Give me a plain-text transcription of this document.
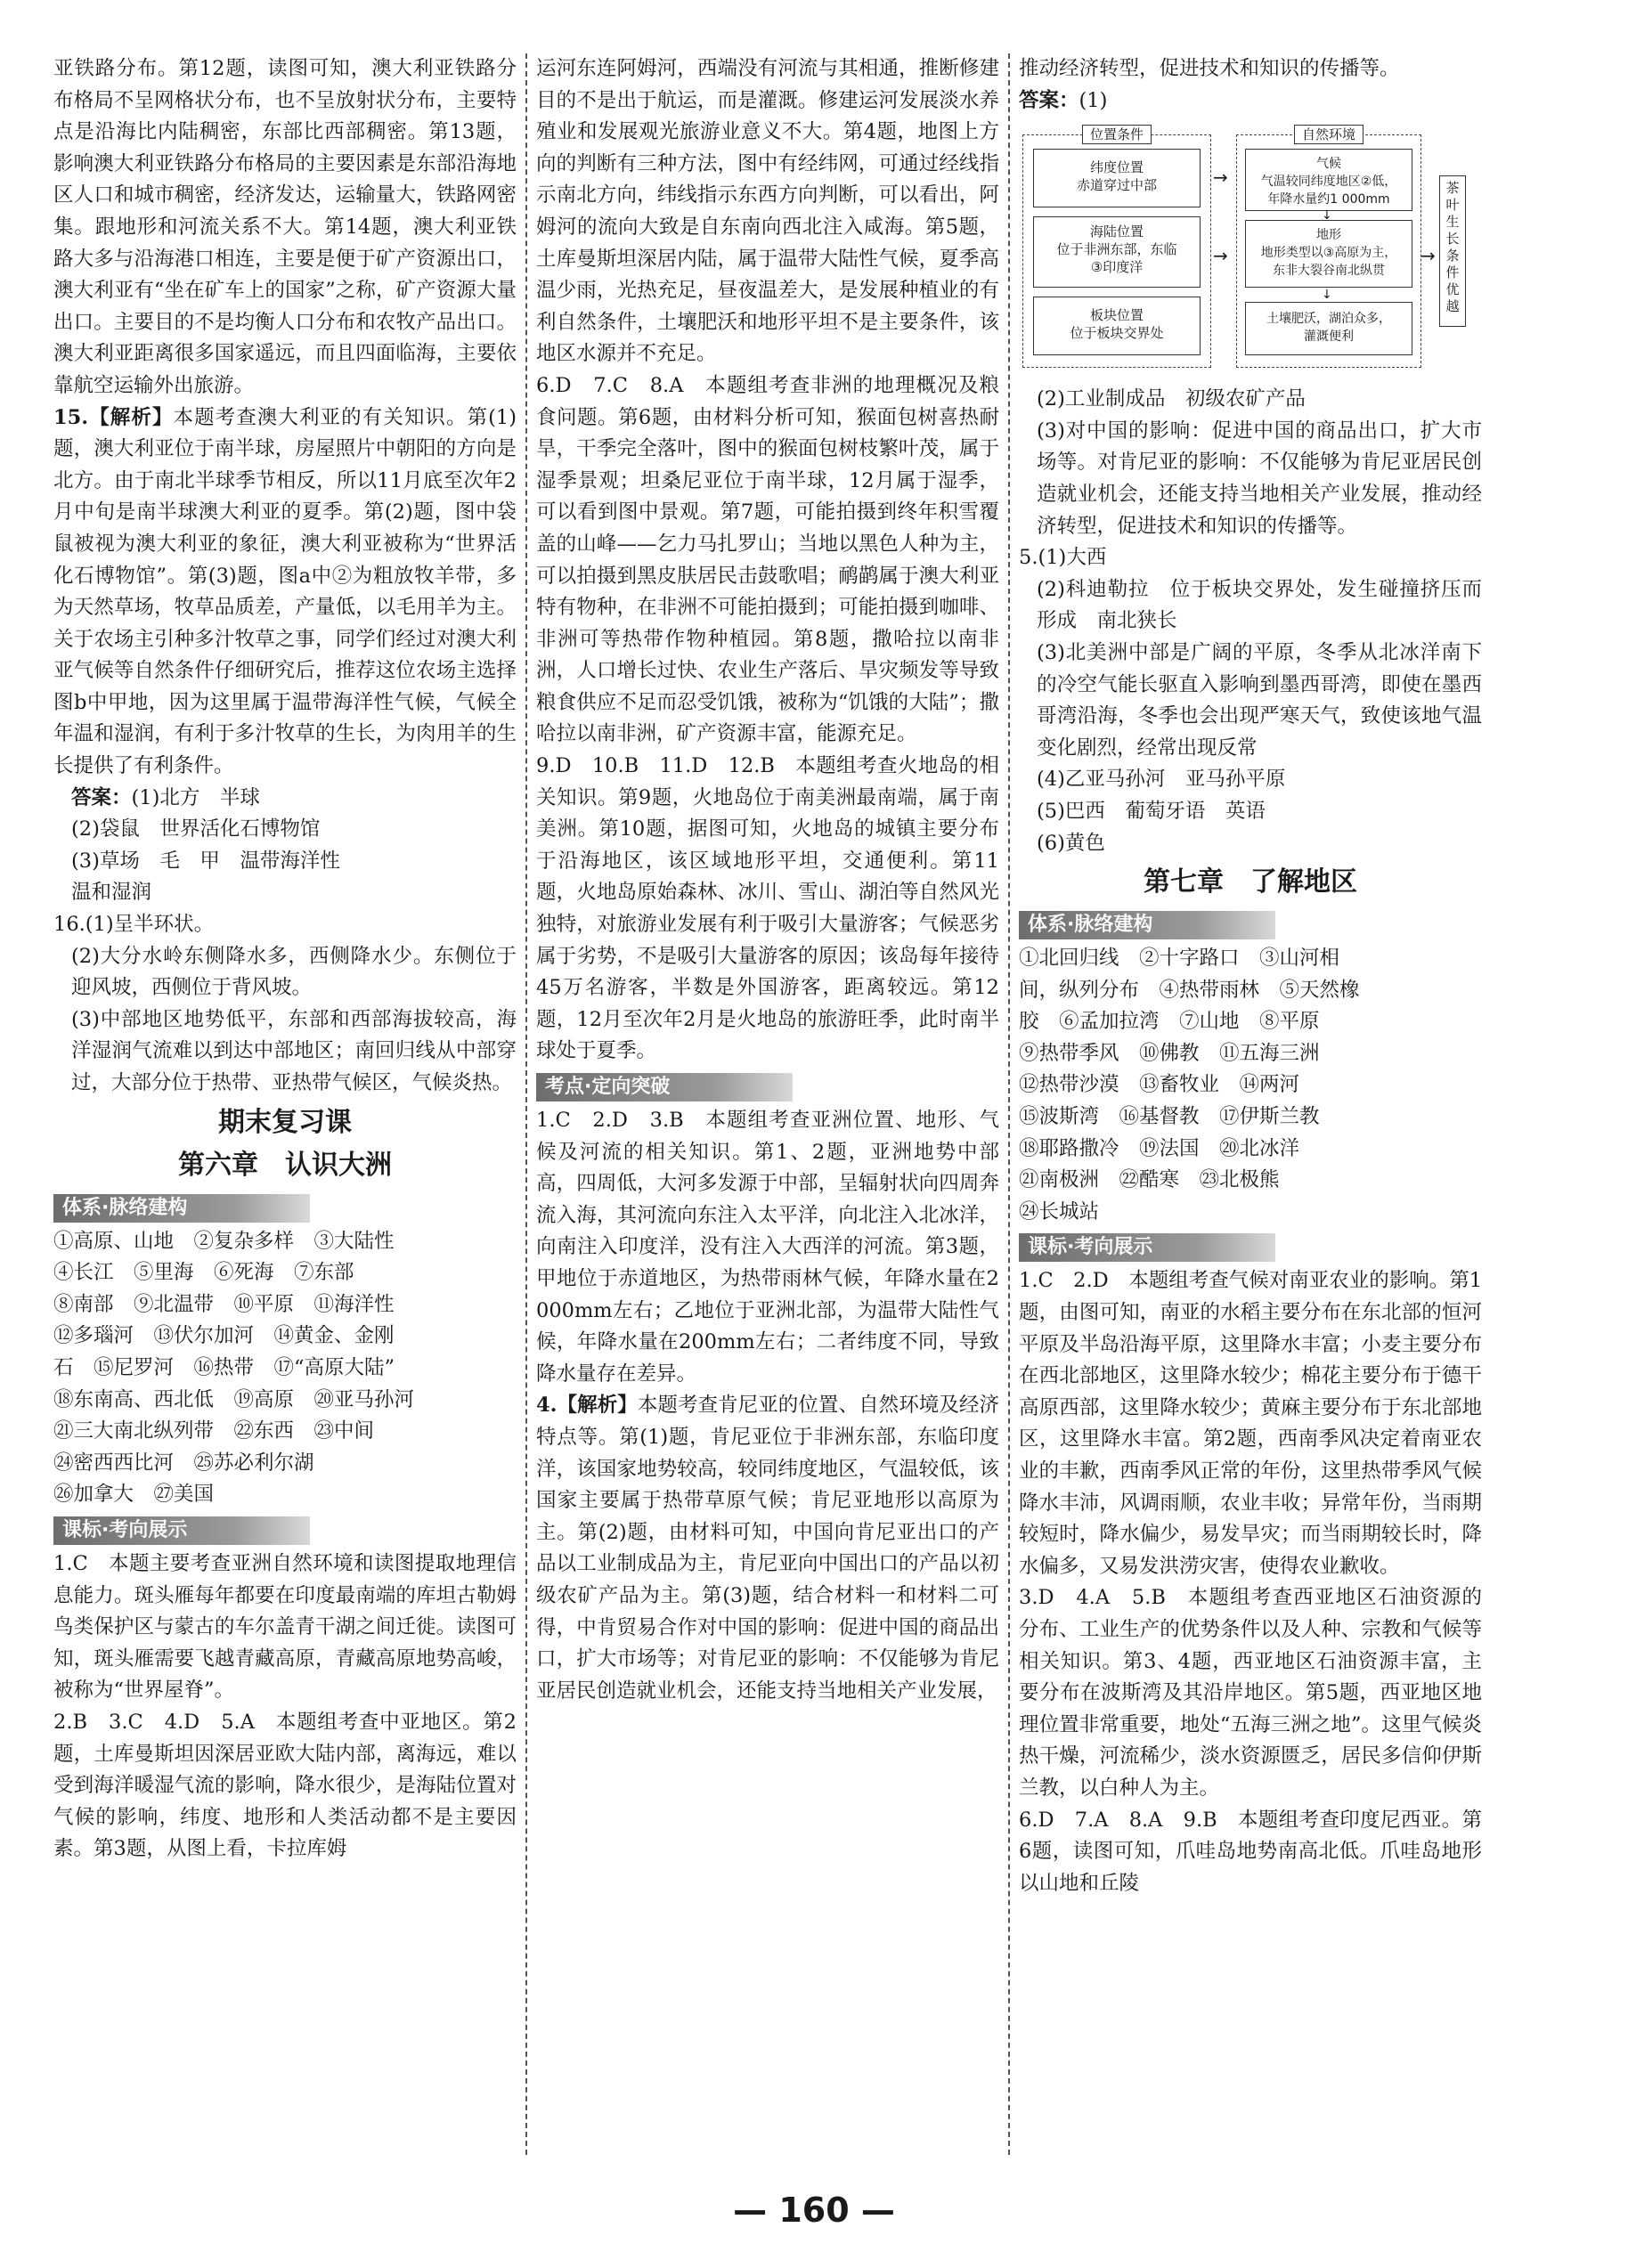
亚铁路分布。第12题，读图可知，澳大利亚铁路分布格局不呈网格状分布，也不呈放射状分布，主要特点是沿海比内陆稠密，东部比西部稠密。第13题，影响澳大利亚铁路分布格局的主要因素是东部沿海地区人口和城市稠密，经济发达，运输量大，铁路网密集。跟地形和河流关系不大。第14题，澳大利亚铁路大多与沿海港口相连，主要是便于矿产资源出口，澳大利亚有“坐在矿车上的国家”之称，矿产资源大量出口。主要目的不是均衡人口分布和农牧产品出口。澳大利亚距离很多国家遥远，而且四面临海，主要依靠航空运输外出旅游。

15.【解析】本题考查澳大利亚的有关知识。第(1)题，澳大利亚位于南半球，房屋照片中朝阳的方向是北方。由于南北半球季节相反，所以11月底至次年2月中旬是南半球澳大利亚的夏季。第(2)题，图中袋鼠被视为澳大利亚的象征，澳大利亚被称为“世界活化石博物馆”。第(3)题，图a中②为粗放牧羊带，多为天然草场，牧草品质差，产量低，以毛用羊为主。关于农场主引种多汁牧草之事，同学们经过对澳大利亚气候等自然条件仔细研究后，推荐这位农场主选择图b中甲地，因为这里属于温带海洋性气候，气候全年温和湿润，有利于多汁牧草的生长，为肉用羊的生长提供了有利条件。

答案：(1)北方　半球

(2)袋鼠　世界活化石博物馆

(3)草场　毛　甲　温带海洋性

温和湿润

16.(1)呈半环状。

(2)大分水岭东侧降水多，西侧降水少。东侧位于迎风坡，西侧位于背风坡。

(3)中部地区地势低平，东部和西部海拔较高，海洋湿润气流难以到达中部地区；南回归线从中部穿过，大部分位于热带、亚热带气候区，气候炎热。

期末复习课
第六章　认识大洲
体系·脉络建构

①高原、山地　②复杂多样　③大陆性

④长江　⑤里海　⑥死海　⑦东部

⑧南部　⑨北温带　⑩平原　⑪海洋性

⑫多瑙河　⑬伏尔加河　⑭黄金、金刚

石　⑮尼罗河　⑯热带　⑰“高原大陆”

⑱东南高、西北低　⑲高原　⑳亚马孙河

㉑三大南北纵列带　㉒东西　㉓中间

㉔密西西比河　㉕苏必利尔湖

㉖加拿大　㉗美国

课标·考向展示

1.C　本题主要考查亚洲自然环境和读图提取地理信息能力。斑头雁每年都要在印度最南端的库坦古勒姆鸟类保护区与蒙古的车尔盖青干湖之间迁徙。读图可知，斑头雁需要飞越青藏高原，青藏高原地势高峻，被称为“世界屋脊”。

2.B　3.C　4.D　5.A　本题组考查中亚地区。第2题，土库曼斯坦因深居亚欧大陆内部，离海远，难以受到海洋暖湿气流的影响，降水很少，是海陆位置对气候的影响，纬度、地形和人类活动都不是主要因素。第3题，从图上看，卡拉库姆

运河东连阿姆河，西端没有河流与其相通，推断修建目的不是出于航运，而是灌溉。修建运河发展淡水养殖业和发展观光旅游业意义不大。第4题，地图上方向的判断有三种方法，图中有经纬网，可通过经线指示南北方向，纬线指示东西方向判断，可以看出，阿姆河的流向大致是自东南向西北注入咸海。第5题，土库曼斯坦深居内陆，属于温带大陆性气候，夏季高温少雨，光热充足，昼夜温差大，是发展种植业的有利自然条件，土壤肥沃和地形平坦不是主要条件，该地区水源并不充足。

6.D　7.C　8.A　本题组考查非洲的地理概况及粮食问题。第6题，由材料分析可知，猴面包树喜热耐旱，干季完全落叶，图中的猴面包树枝繁叶茂，属于湿季景观；坦桑尼亚位于南半球，12月属于湿季，可以看到图中景观。第7题，可能拍摄到终年积雪覆盖的山峰——乞力马扎罗山；当地以黑色人种为主，可以拍摄到黑皮肤居民击鼓歌唱；鸸鹋属于澳大利亚特有物种，在非洲不可能拍摄到；可能拍摄到咖啡、非洲可等热带作物种植园。第8题，撒哈拉以南非洲，人口增长过快、农业生产落后、旱灾频发等导致粮食供应不足而忍受饥饿，被称为“饥饿的大陆”；撒哈拉以南非洲，矿产资源丰富，能源充足。

9.D　10.B　11.D　12.B　本题组考查火地岛的相关知识。第9题，火地岛位于南美洲最南端，属于南美洲。第10题，据图可知，火地岛的城镇主要分布于沿海地区，该区域地形平坦，交通便利。第11题，火地岛原始森林、冰川、雪山、湖泊等自然风光独特，对旅游业发展有利于吸引大量游客；气候恶劣属于劣势，不是吸引大量游客的原因；该岛每年接待45万名游客，半数是外国游客，距离较远。第12题，12月至次年2月是火地岛的旅游旺季，此时南半球处于夏季。

考点·定向突破

1.C　2.D　3.B　本题组考查亚洲位置、地形、气候及河流的相关知识。第1、2题，亚洲地势中部高，四周低，大河多发源于中部，呈辐射状向四周奔流入海，其河流向东注入太平洋，向北注入北冰洋，向南注入印度洋，没有注入大西洋的河流。第3题，甲地位于赤道地区，为热带雨林气候，年降水量在2000mm左右；乙地位于亚洲北部，为温带大陆性气候，年降水量在200mm左右；二者纬度不同，导致降水量存在差异。

4.【解析】本题考查肯尼亚的位置、自然环境及经济特点等。第(1)题，肯尼亚位于非洲东部，东临印度洋，该国家地势较高，较同纬度地区，气温较低，该国家主要属于热带草原气候；肯尼亚地形以高原为主。第(2)题，由材料可知，中国向肯尼亚出口的产品以工业制成品为主，肯尼亚向中国出口的产品以初级农矿产品为主。第(3)题，结合材料一和材料二可得，中肯贸易合作对中国的影响：促进中国的商品出口，扩大市场等；对肯尼亚的影响：不仅能够为肯尼亚居民创造就业机会，还能支持当地相关产业发展，

推动经济转型，促进技术和知识的传播等。

答案：(1)

位置条件	自然环境
纬度位置
赤道穿过中部
海陆位置
位于非洲东部，东临
③印度洋
板块位置
位于板块交界处
气候
气温较同纬度地区②低，
年降水量约1 000mm
地形
地形类型以③高原为主，
东非大裂谷南北纵贯
土壤肥沃，湖泊众多，
灌溉便利
茶叶生长条件优越
→	→
→
↓
↓

(2)工业制成品　初级农矿产品

(3)对中国的影响：促进中国的商品出口，扩大市场等。对肯尼亚的影响：不仅能够为肯尼亚居民创造就业机会，还能支持当地相关产业发展，推动经济转型，促进技术和知识的传播等。

5.(1)大西

(2)科迪勒拉　位于板块交界处，发生碰撞挤压而形成　南北狭长

(3)北美洲中部是广阔的平原，冬季从北冰洋南下的冷空气能长驱直入影响到墨西哥湾，即使在墨西哥湾沿海，冬季也会出现严寒天气，致使该地气温变化剧烈，经常出现反常

(4)乙亚马孙河　亚马孙平原

(5)巴西　葡萄牙语　英语

(6)黄色

第七章　了解地区
体系·脉络建构

①北回归线　②十字路口　③山河相

间，纵列分布　④热带雨林　⑤天然橡

胶　⑥孟加拉湾　⑦山地　⑧平原

⑨热带季风　⑩佛教　⑪五海三洲

⑫热带沙漠　⑬畜牧业　⑭两河

⑮波斯湾　⑯基督教　⑰伊斯兰教

⑱耶路撒冷　⑲法国　⑳北冰洋

㉑南极洲　㉒酷寒　㉓北极熊

㉔长城站

课标·考向展示

1.C　2.D　本题组考查气候对南亚农业的影响。第1题，由图可知，南亚的水稻主要分布在东北部的恒河平原及半岛沿海平原，这里降水丰富；小麦主要分布在西北部地区，这里降水较少；棉花主要分布于德干高原西部，这里降水较少；黄麻主要分布于东北部地区，这里降水丰富。第2题，西南季风决定着南亚农业的丰歉，西南季风正常的年份，这里热带季风气候降水丰沛，风调雨顺，农业丰收；异常年份，当雨期较短时，降水偏少，易发旱灾；而当雨期较长时，降水偏多，又易发洪涝灾害，使得农业歉收。

3.D　4.A　5.B　本题组考查西亚地区石油资源的分布、工业生产的优势条件以及人种、宗教和气候等相关知识。第3、4题，西亚地区石油资源丰富，主要分布在波斯湾及其沿岸地区。第5题，西亚地区地理位置非常重要，地处“五海三洲之地”。这里气候炎热干燥，河流稀少，淡水资源匮乏，居民多信仰伊斯兰教，以白种人为主。

6.D　7.A　8.A　9.B　本题组考查印度尼西亚。第6题，读图可知，爪哇岛地势南高北低。爪哇岛地形以山地和丘陵

— 160 —
